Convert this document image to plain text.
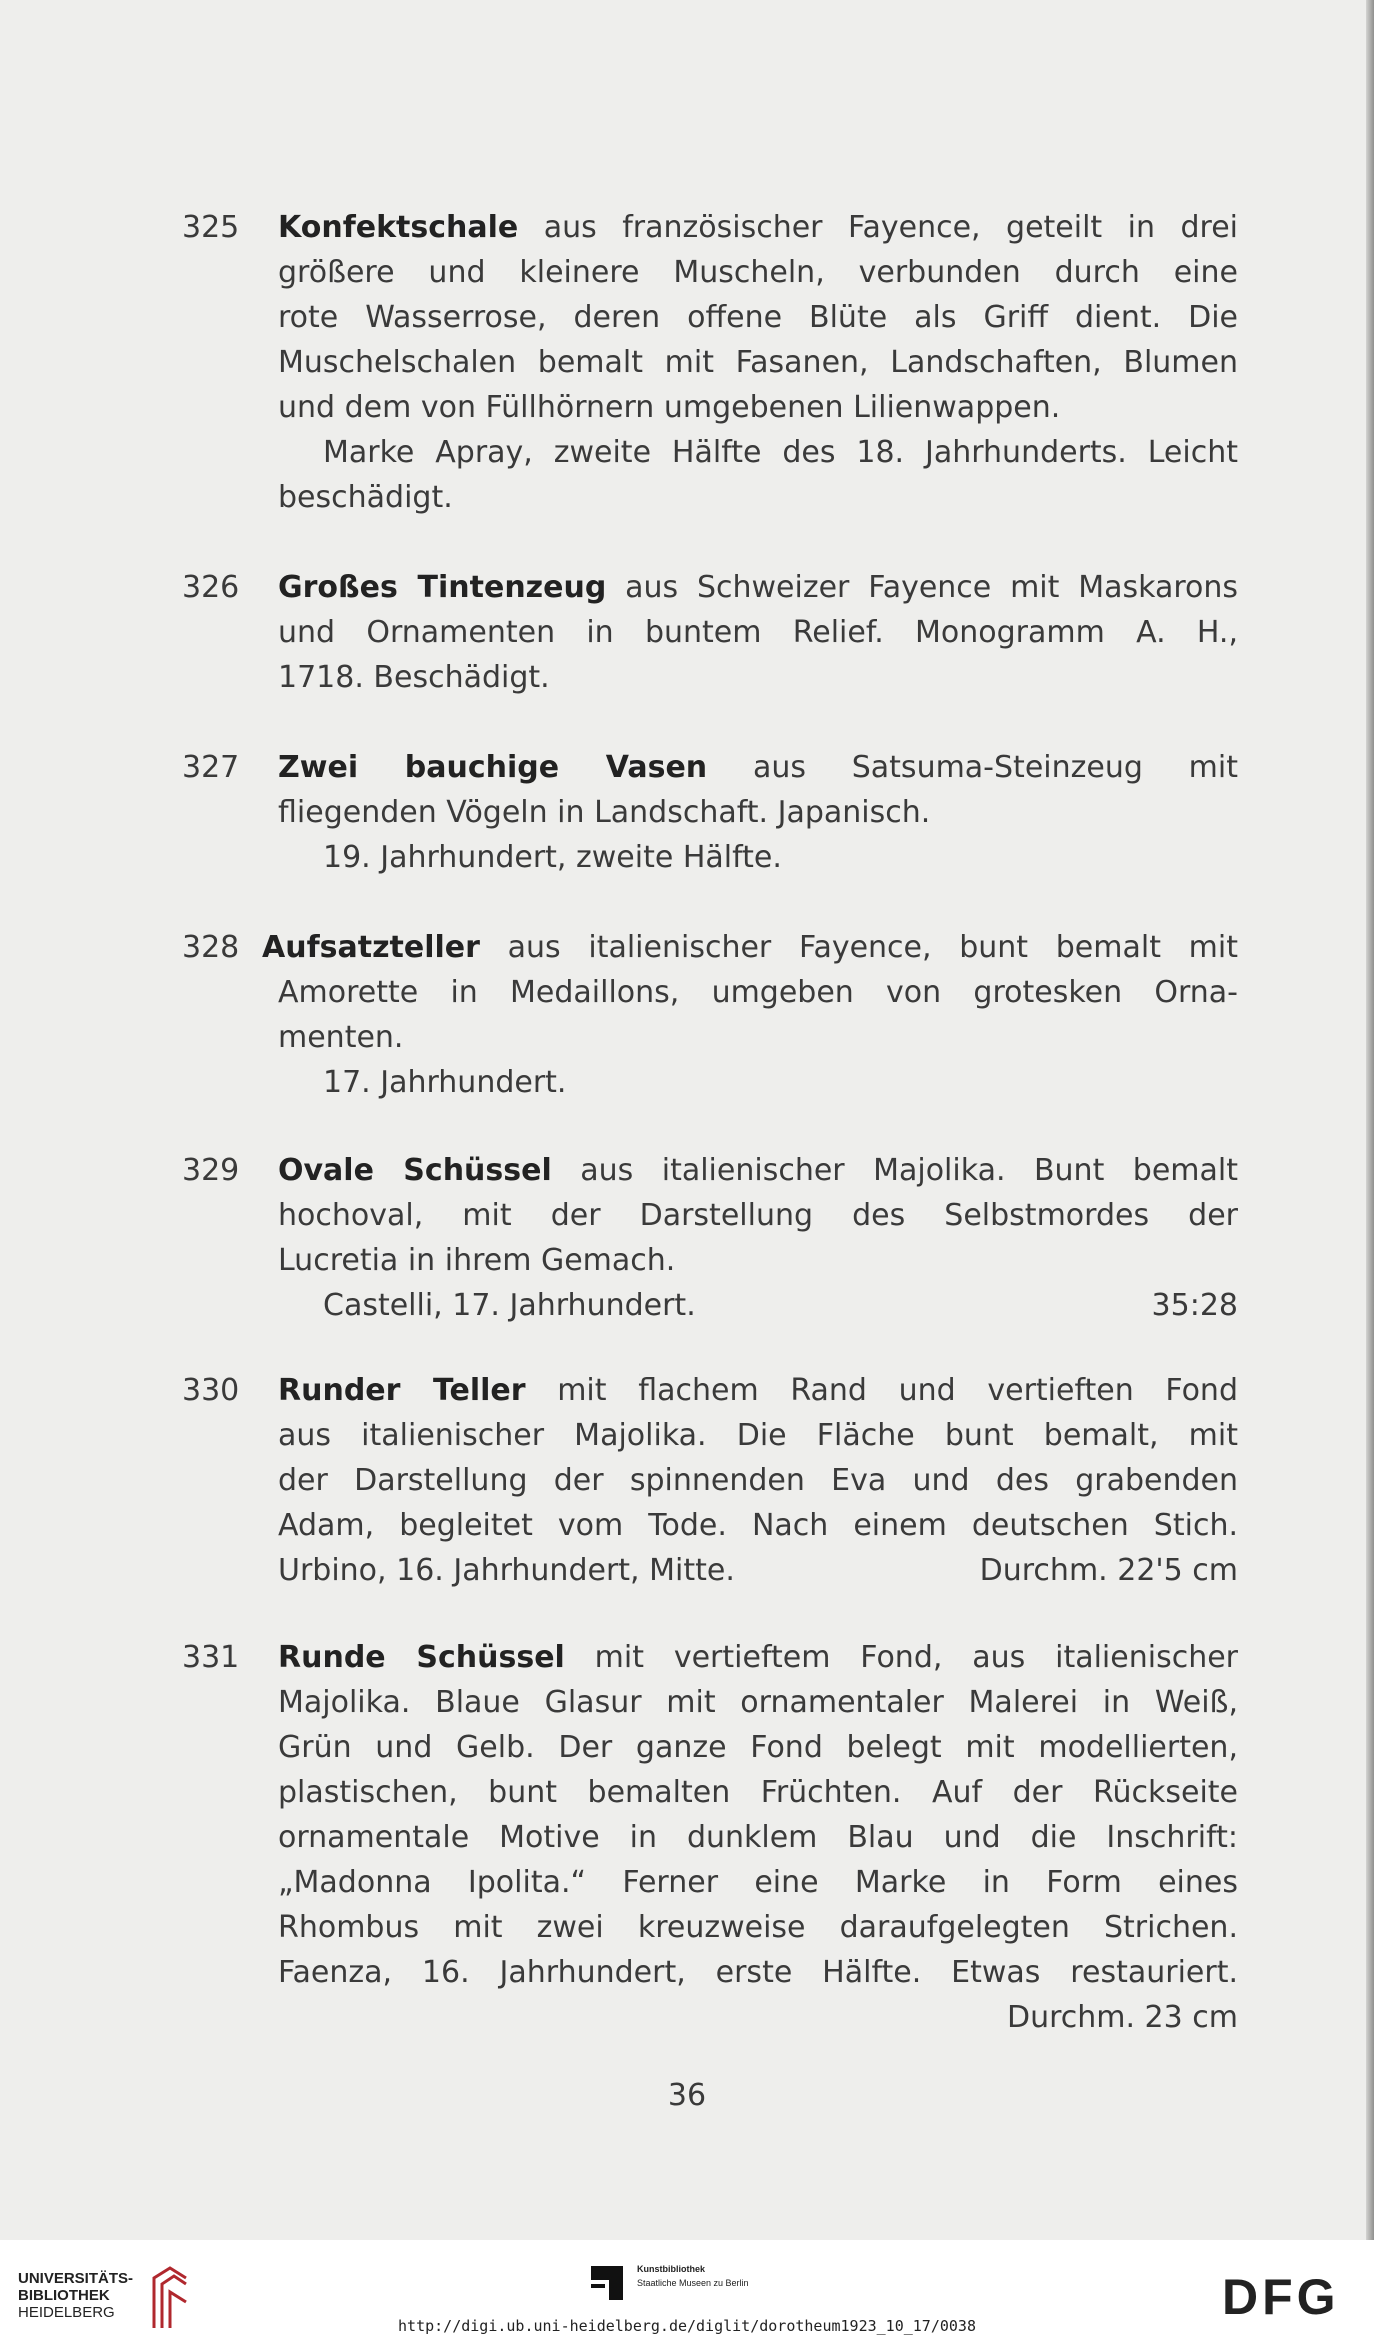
325 Konfektschale aus französischer Fayence, geteilt in drei
größere und kleinere Muscheln, verbunden durch eine
rote Wasserrose, deren offene Blüte als Griff dient. Die
Muschelschalen bemalt mit Fasanen, Landschaften, Blumen
und dem von Füllhörnern umgebenen Lilienwappen.
Marke Apray, zweite Hälfte des 18. Jahrhunderts. Leicht
beschädigt.
326 Großes Tintenzeug aus Schweizer Fayence mit Maskarons
und Ornamenten in buntem Relief. Monogramm A. H.,
1718. Beschädigt.
327 Zwei bauchige Vasen aus Satsuma-Steinzeug mit
fliegenden Vögeln in Landschaft. Japanisch.
19. Jahrhundert, zweite Hälfte.
328 Aufsatzteller aus italienischer Fayence, bunt bemalt mit
Amorette in Medaillons, umgeben von grotesken Orna-
menten.
17. Jahrhundert.
329 Ovale Schüssel aus italienischer Majolika. Bunt bemalt
hochoval, mit der Darstellung des Selbstmordes der
Lucretia in ihrem Gemach.
Castelli, 17. Jahrhundert.	35:28
330 Runder Teller mit flachem Rand und vertieften Fond
aus italienischer Majolika. Die Fläche bunt bemalt, mit
der Darstellung der spinnenden Eva und des grabenden
Adam, begleitet vom Tode. Nach einem deutschen Stich.
Urbino, 16. Jahrhundert, Mitte.	Durchm. 22'5 cm
331 Runde Schüssel mit vertieftem Fond, aus italienischer
Majolika. Blaue Glasur mit ornamentaler Malerei in Weiß,
Grün und Gelb. Der ganze Fond belegt mit modellierten,
plastischen, bunt bemalten Früchten. Auf der Rückseite
ornamentale Motive in dunklem Blau und die Inschrift:
„Madonna Ipolita.“ Ferner eine Marke in Form eines
Rhombus mit zwei kreuzweise daraufgelegten Strichen.
Faenza, 16. Jahrhundert, erste Hälfte. Etwas restauriert.
Durchm. 23 cm
36
UNIVERSITÄTS-
BIBLIOTHEK
HEIDELBERG
Kunstbibliothek
Staatliche Museen zu Berlin	DFG
http://digi.ub.uni-heidelberg.de/diglit/dorotheum1923_10_17/0038
